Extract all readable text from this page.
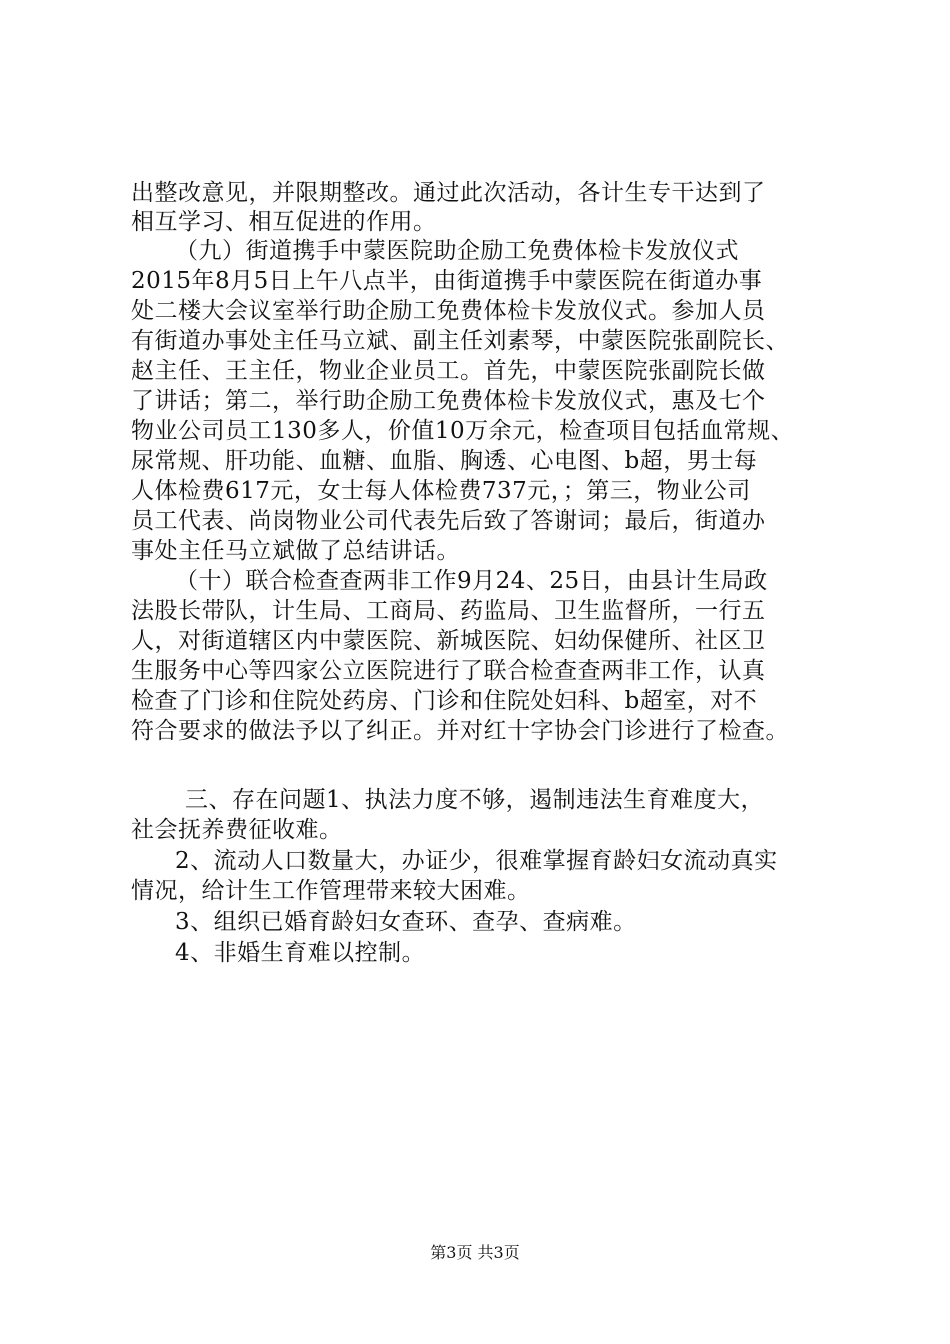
出整改意见，并限期整改。通过此次活动，各计生专干达到了
相互学习、相互促进的作用。
（九）街道携手中蒙医院助企励工免费体检卡发放仪式
2015年8月5日上午八点半，由街道携手中蒙医院在街道办事
处二楼大会议室举行助企励工免费体检卡发放仪式。参加人员
有街道办事处主任马立斌、副主任刘素琴，中蒙医院张副院长、
赵主任、王主任，物业企业员工。首先，中蒙医院张副院长做
了讲话；第二，举行助企励工免费体检卡发放仪式，惠及七个
物业公司员工130多人，价值10万余元，检查项目包括血常规、
尿常规、肝功能、血糖、血脂、胸透、心电图、b超，男士每
人体检费617元，女士每人体检费737元，；第三，物业公司
员工代表、尚岗物业公司代表先后致了答谢词；最后，街道办
事处主任马立斌做了总结讲话。
（十）联合检查查两非工作9月24、25日，由县计生局政
法股长带队，计生局、工商局、药监局、卫生监督所，一行五
人，对街道辖区内中蒙医院、新城医院、妇幼保健所、社区卫
生服务中心等四家公立医院进行了联合检查查两非工作，认真
检查了门诊和住院处药房、门诊和住院处妇科、b超室，对不
符合要求的做法予以了纠正。并对红十字协会门诊进行了检查。
三、存在问题1、执法力度不够，遏制违法生育难度大，
社会抚养费征收难。
2、流动人口数量大，办证少，很难掌握育龄妇女流动真实
情况，给计生工作管理带来较大困难。
3、组织已婚育龄妇女查环、查孕、查病难。
4、非婚生育难以控制。
第3页 共3页
